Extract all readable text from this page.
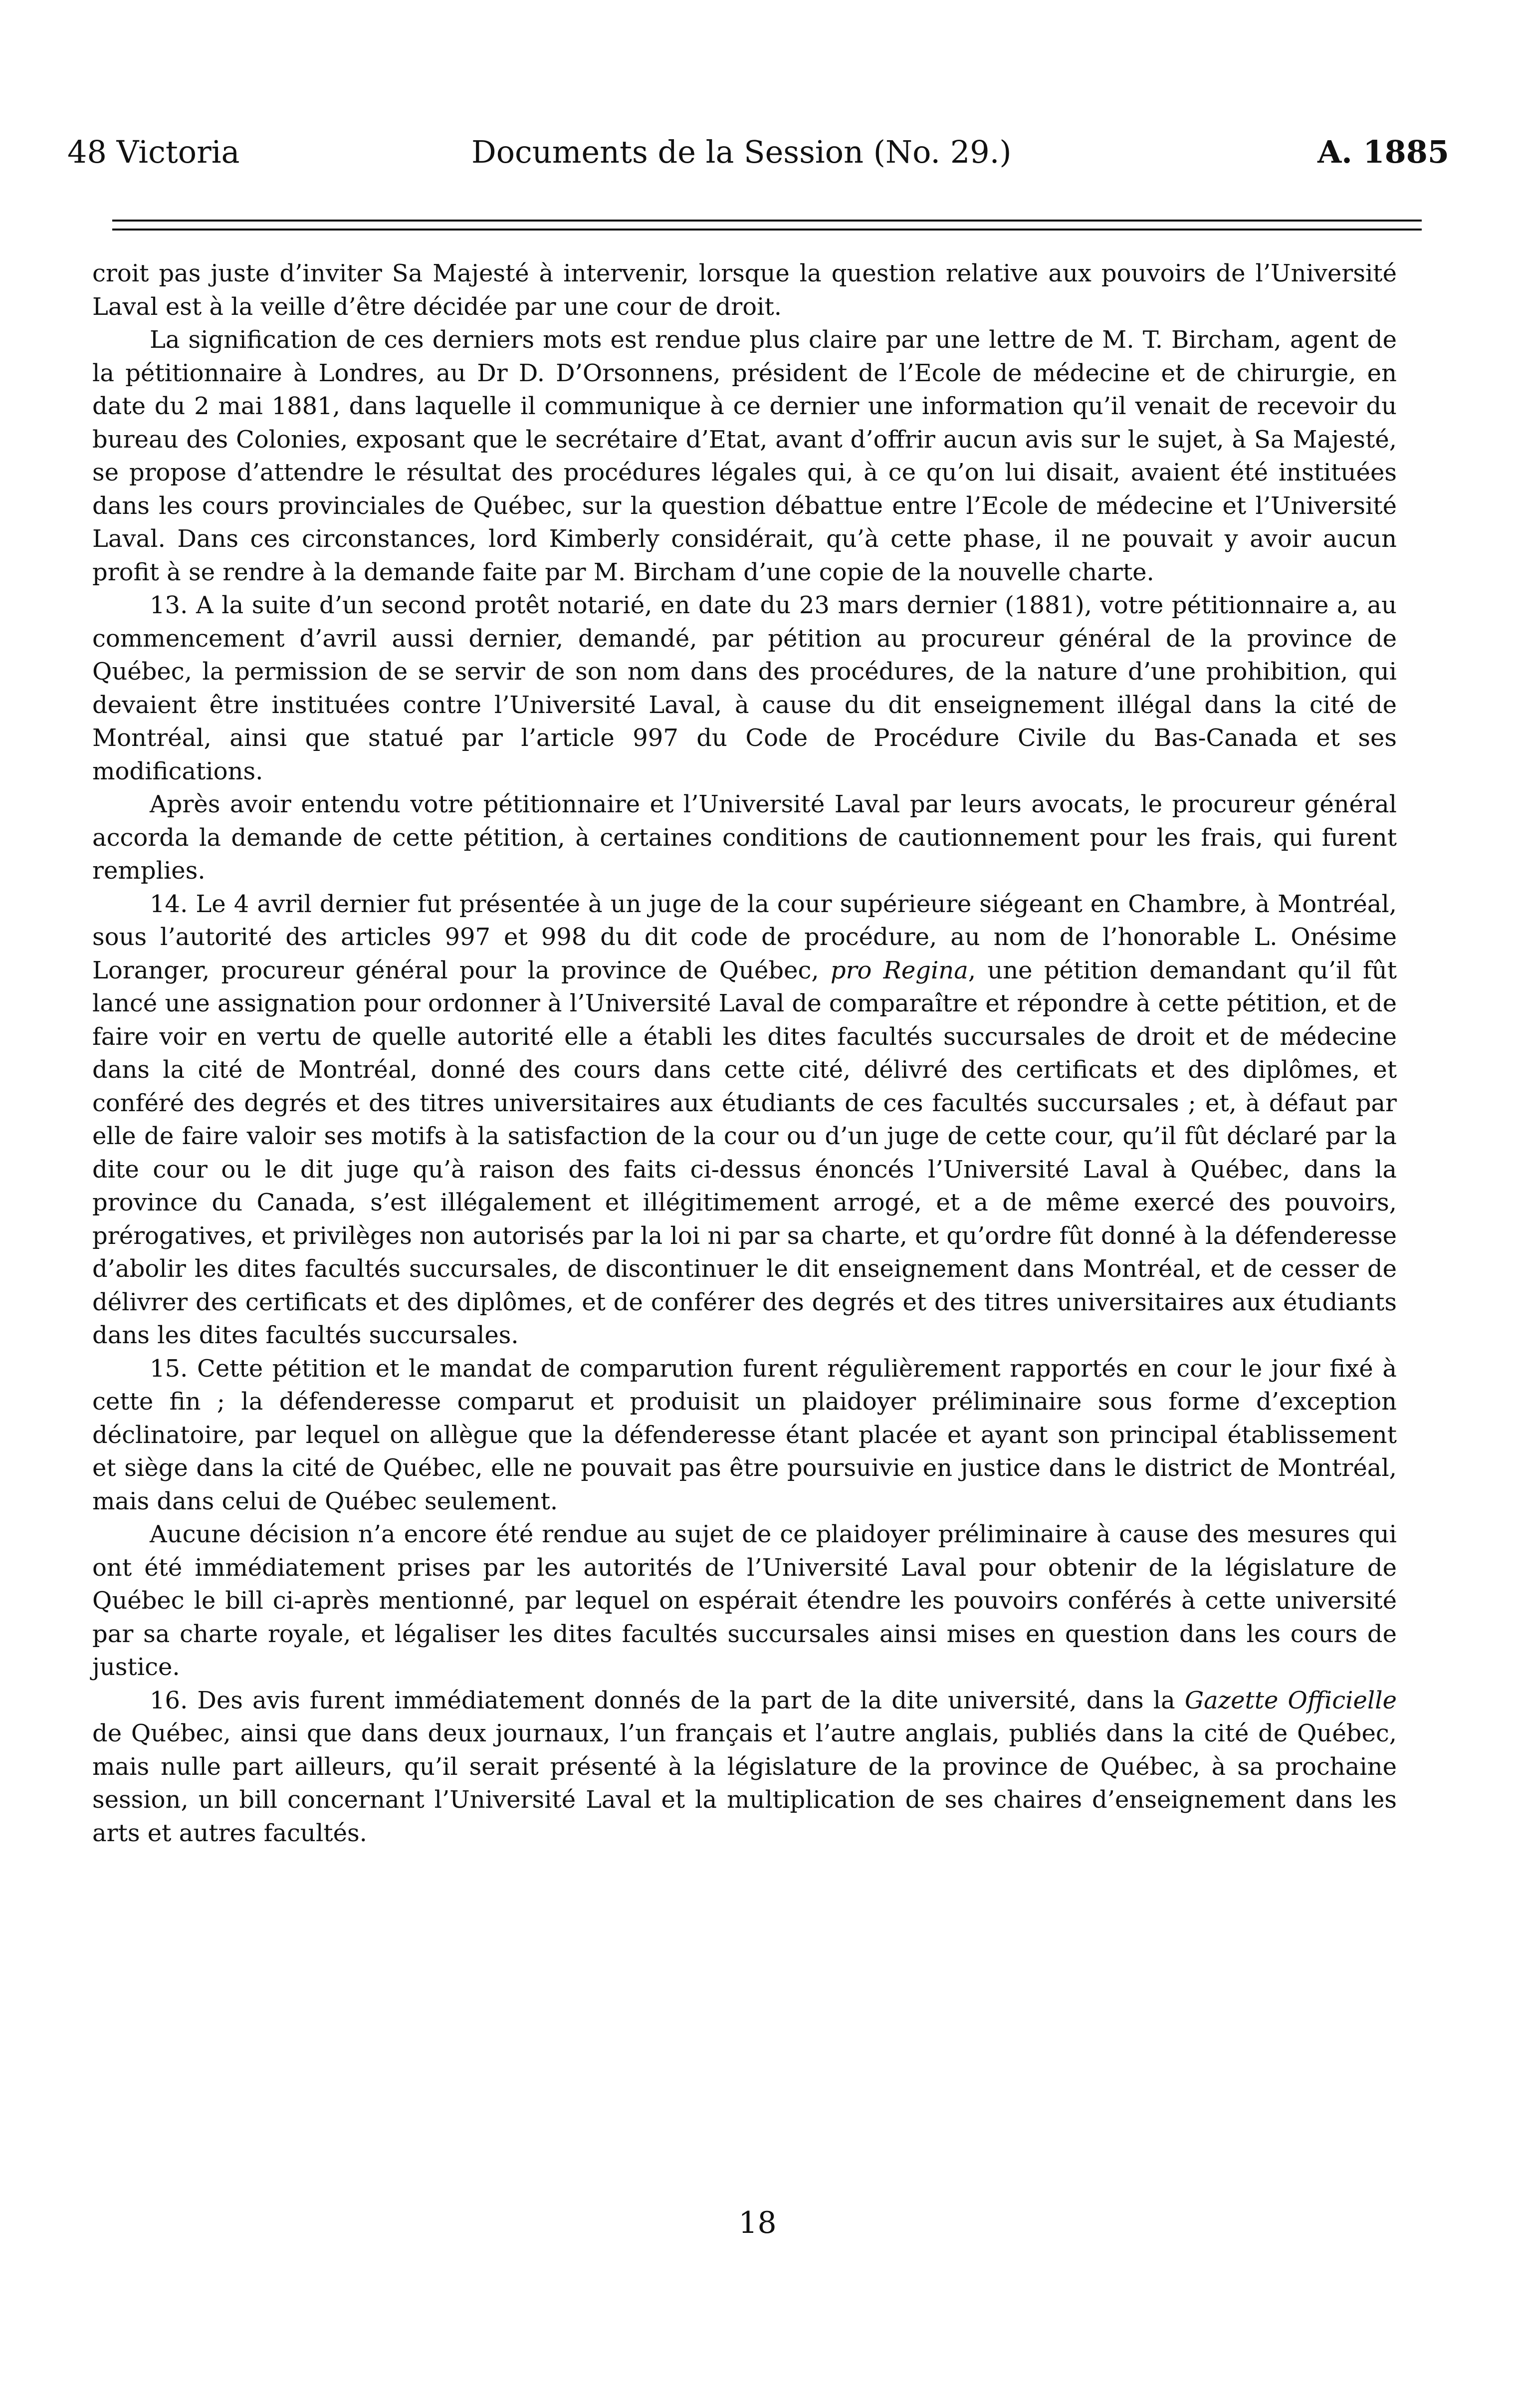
48 Victoria	Documents de la Session (No. 29.)	A. 1885

croit pas juste d’inviter Sa Majesté à intervenir, lorsque la question relative aux pouvoirs de l’Université Laval est à la veille d’être décidée par une cour de droit.

La signification de ces derniers mots est rendue plus claire par une lettre de M. T. Bircham, agent de la pétitionnaire à Londres, au Dr D. D’Orsonnens, président de l’Ecole de médecine et de chirurgie, en date du 2 mai 1881, dans laquelle il communique à ce dernier une information qu’il venait de recevoir du bureau des Colonies, exposant que le secrétaire d’Etat, avant d’offrir aucun avis sur le sujet, à Sa Majesté, se propose d’attendre le résultat des procédures légales qui, à ce qu’on lui disait, avaient été instituées dans les cours provinciales de Québec, sur la question débattue entre l’Ecole de médecine et l’Université Laval. Dans ces circonstances, lord Kimberly considérait, qu’à cette phase, il ne pouvait y avoir aucun profit à se rendre à la demande faite par M. Bircham d’une copie de la nouvelle charte.

13. A la suite d’un second protêt notarié, en date du 23 mars dernier (1881), votre pétitionnaire a, au commencement d’avril aussi dernier, demandé, par pétition au procureur général de la province de Québec, la permission de se servir de son nom dans des procédures, de la nature d’une prohibition, qui devaient être instituées contre l’Université Laval, à cause du dit enseignement illégal dans la cité de Montréal, ainsi que statué par l’article 997 du Code de Procédure Civile du Bas-Canada et ses modifications.

Après avoir entendu votre pétitionnaire et l’Université Laval par leurs avocats, le procureur général accorda la demande de cette pétition, à certaines conditions de cautionnement pour les frais, qui furent remplies.

14. Le 4 avril dernier fut présentée à un juge de la cour supérieure siégeant en Chambre, à Montréal, sous l’autorité des articles 997 et 998 du dit code de procédure, au nom de l’honorable L. Onésime Loranger, procureur général pour la province de Québec, pro Regina, une pétition demandant qu’il fût lancé une assignation pour ordonner à l’Université Laval de comparaître et répondre à cette pétition, et de faire voir en vertu de quelle autorité elle a établi les dites facultés succursales de droit et de médecine dans la cité de Montréal, donné des cours dans cette cité, délivré des certificats et des diplômes, et conféré des degrés et des titres universitaires aux étudiants de ces facultés succursales ; et, à défaut par elle de faire valoir ses motifs à la satisfaction de la cour ou d’un juge de cette cour, qu’il fût déclaré par la dite cour ou le dit juge qu’à raison des faits ci-dessus énoncés l’Université Laval à Québec, dans la province du Canada, s’est illégalement et illégitimement arrogé, et a de même exercé des pouvoirs, prérogatives, et privilèges non autorisés par la loi ni par sa charte, et qu’ordre fût donné à la défenderesse d’abolir les dites facultés succursales, de discontinuer le dit enseignement dans Montréal, et de cesser de délivrer des certificats et des diplômes, et de conférer des degrés et des titres universitaires aux étudiants dans les dites facultés succursales.

15. Cette pétition et le mandat de comparution furent régulièrement rapportés en cour le jour fixé à cette fin ; la défenderesse comparut et produisit un plaidoyer préliminaire sous forme d’exception déclinatoire, par lequel on allègue que la défenderesse étant placée et ayant son principal établissement et siège dans la cité de Québec, elle ne pouvait pas être poursuivie en justice dans le district de Montréal, mais dans celui de Québec seulement.

Aucune décision n’a encore été rendue au sujet de ce plaidoyer préliminaire à cause des mesures qui ont été immédiatement prises par les autorités de l’Université Laval pour obtenir de la législature de Québec le bill ci-après mentionné, par lequel on espérait étendre les pouvoirs conférés à cette université par sa charte royale, et légaliser les dites facultés succursales ainsi mises en question dans les cours de justice.

16. Des avis furent immédiatement donnés de la part de la dite université, dans la Gazette Officielle de Québec, ainsi que dans deux journaux, l’un français et l’autre anglais, publiés dans la cité de Québec, mais nulle part ailleurs, qu’il serait présenté à la législature de la province de Québec, à sa prochaine session, un bill concernant l’Université Laval et la multiplication de ses chaires d’enseignement dans les arts et autres facultés.

18
